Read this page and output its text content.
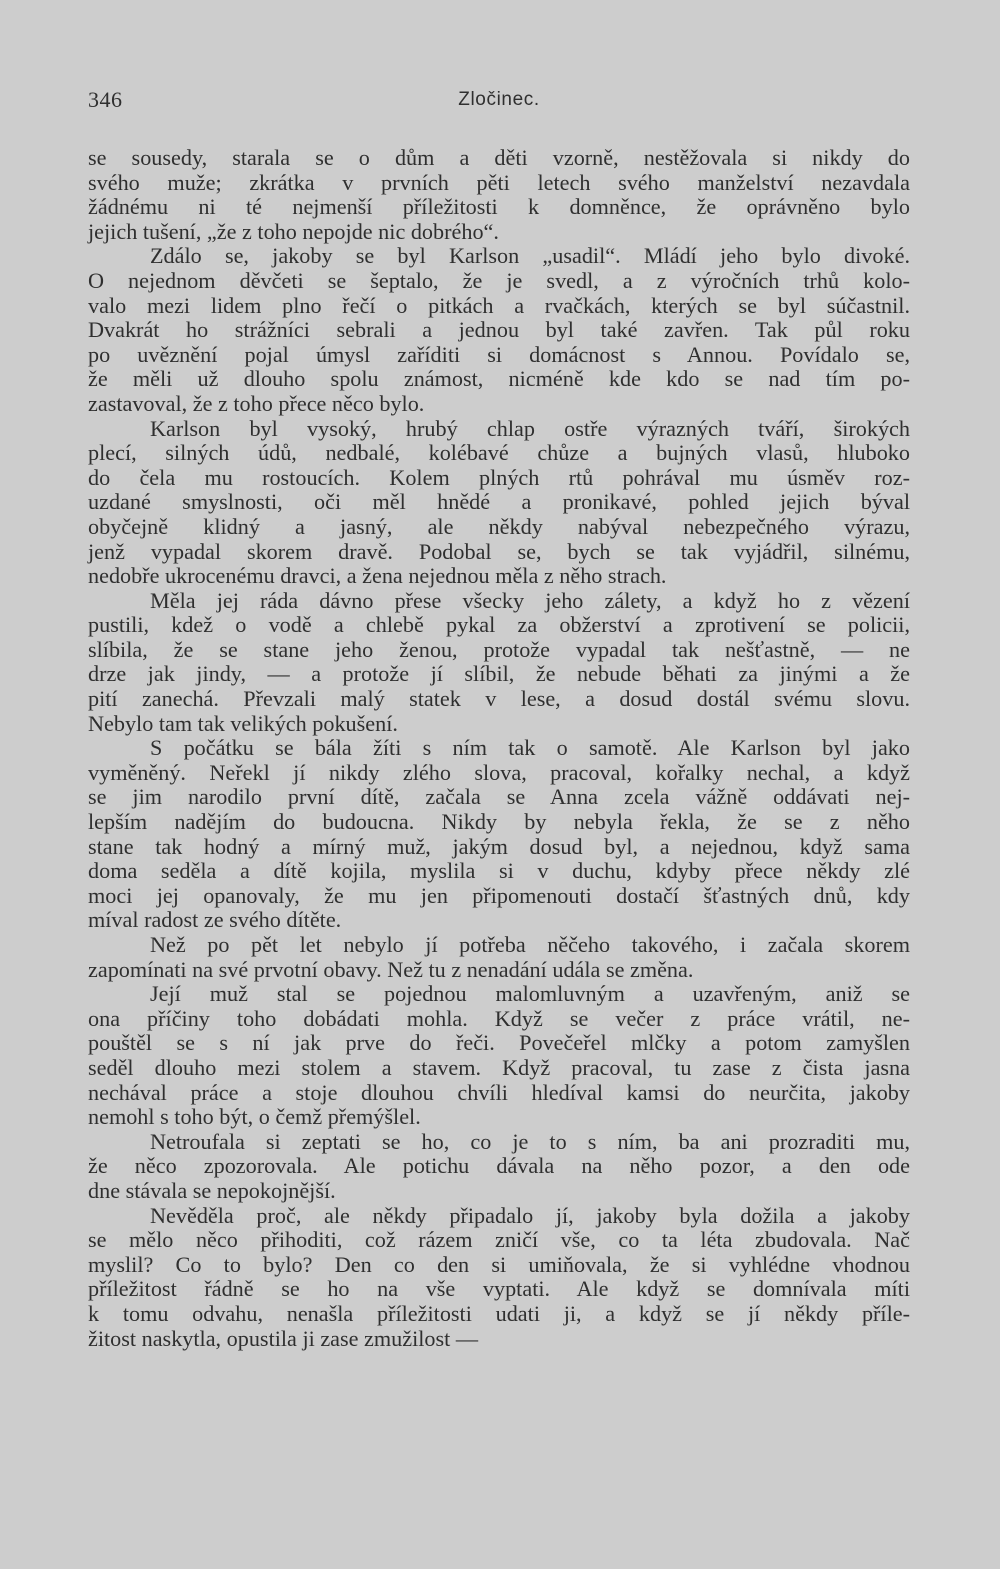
346	Zločinec.
se sousedy, starala se o dům a děti vzorně, nestěžovala si nikdy do
svého muže; zkrátka v prvních pěti letech svého manželství nezavdala
žádnému ni té nejmenší příležitosti k domněnce, že oprávněno bylo
jejich tušení, „že z toho nepojde nic dobrého“.
Zdálo se, jakoby se byl Karlson „usadil“. Mládí jeho bylo divoké.
O nejednom děvčeti se šeptalo, že je svedl, a z výročních trhů kolo-
valo mezi lidem plno řečí o pitkách a rvačkách, kterých se byl súčastnil.
Dvakrát ho strážníci sebrali a jednou byl také zavřen. Tak půl roku
po uvěznění pojal úmysl zaříditi si domácnost s Annou. Povídalo se,
že měli už dlouho spolu známost, nicméně kde kdo se nad tím po-
zastavoval, že z toho přece něco bylo.
Karlson byl vysoký, hrubý chlap ostře výrazných tváří, širokých
plecí, silných údů, nedbalé, kolébavé chůze a bujných vlasů, hluboko
do čela mu rostoucích. Kolem plných rtů pohrával mu úsměv roz-
uzdané smyslnosti, oči měl hnědé a pronikavé, pohled jejich býval
obyčejně klidný a jasný, ale někdy nabýval nebezpečného výrazu,
jenž vypadal skorem dravě. Podobal se, bych se tak vyjádřil, silnému,
nedobře ukrocenému dravci, a žena nejednou měla z něho strach.
Měla jej ráda dávno přese všecky jeho zálety, a když ho z vězení
pustili, kdež o vodě a chlebě pykal za obžerství a zprotivení se policii,
slíbila, že se stane jeho ženou, protože vypadal tak nešťastně, — ne
drze jak jindy, — a protože jí slíbil, že nebude běhati za jinými a že
pití zanechá. Převzali malý statek v lese, a dosud dostál svému slovu.
Nebylo tam tak velikých pokušení.
S počátku se bála žíti s ním tak o samotě. Ale Karlson byl jako
vyměněný. Neřekl jí nikdy zlého slova, pracoval, kořalky nechal, a když
se jim narodilo první dítě, začala se Anna zcela vážně oddávati nej-
lepším nadějím do budoucna. Nikdy by nebyla řekla, že se z něho
stane tak hodný a mírný muž, jakým dosud byl, a nejednou, když sama
doma seděla a dítě kojila, myslila si v duchu, kdyby přece někdy zlé
moci jej opanovaly, že mu jen připomenouti dostačí šťastných dnů, kdy
míval radost ze svého dítěte.
Než po pět let nebylo jí potřeba něčeho takového, i začala skorem
zapomínati na své prvotní obavy. Než tu z nenadání udála se změna.
Její muž stal se pojednou malomluvným a uzavřeným, aniž se
ona příčiny toho dobádati mohla. Když se večer z práce vrátil, ne-
pouštěl se s ní jak prve do řeči. Povečeřel mlčky a potom zamyšlen
seděl dlouho mezi stolem a stavem. Když pracoval, tu zase z čista jasna
nechával práce a stoje dlouhou chvíli hledíval kamsi do neurčita, jakoby
nemohl s toho být, o čemž přemýšlel.
Netroufala si zeptati se ho, co je to s ním, ba ani prozraditi mu,
že něco zpozorovala. Ale potichu dávala na něho pozor, a den ode
dne stávala se nepokojnější.
Nevěděla proč, ale někdy připadalo jí, jakoby byla dožila a jakoby
se mělo něco přihoditi, což rázem zničí vše, co ta léta zbudovala. Nač
myslil? Co to bylo? Den co den si umiňovala, že si vyhlédne vhodnou
příležitost řádně se ho na vše vyptati. Ale když se domnívala míti
k tomu odvahu, nenašla příležitosti udati ji, a když se jí někdy příle-
žitost naskytla, opustila ji zase zmužilost —
